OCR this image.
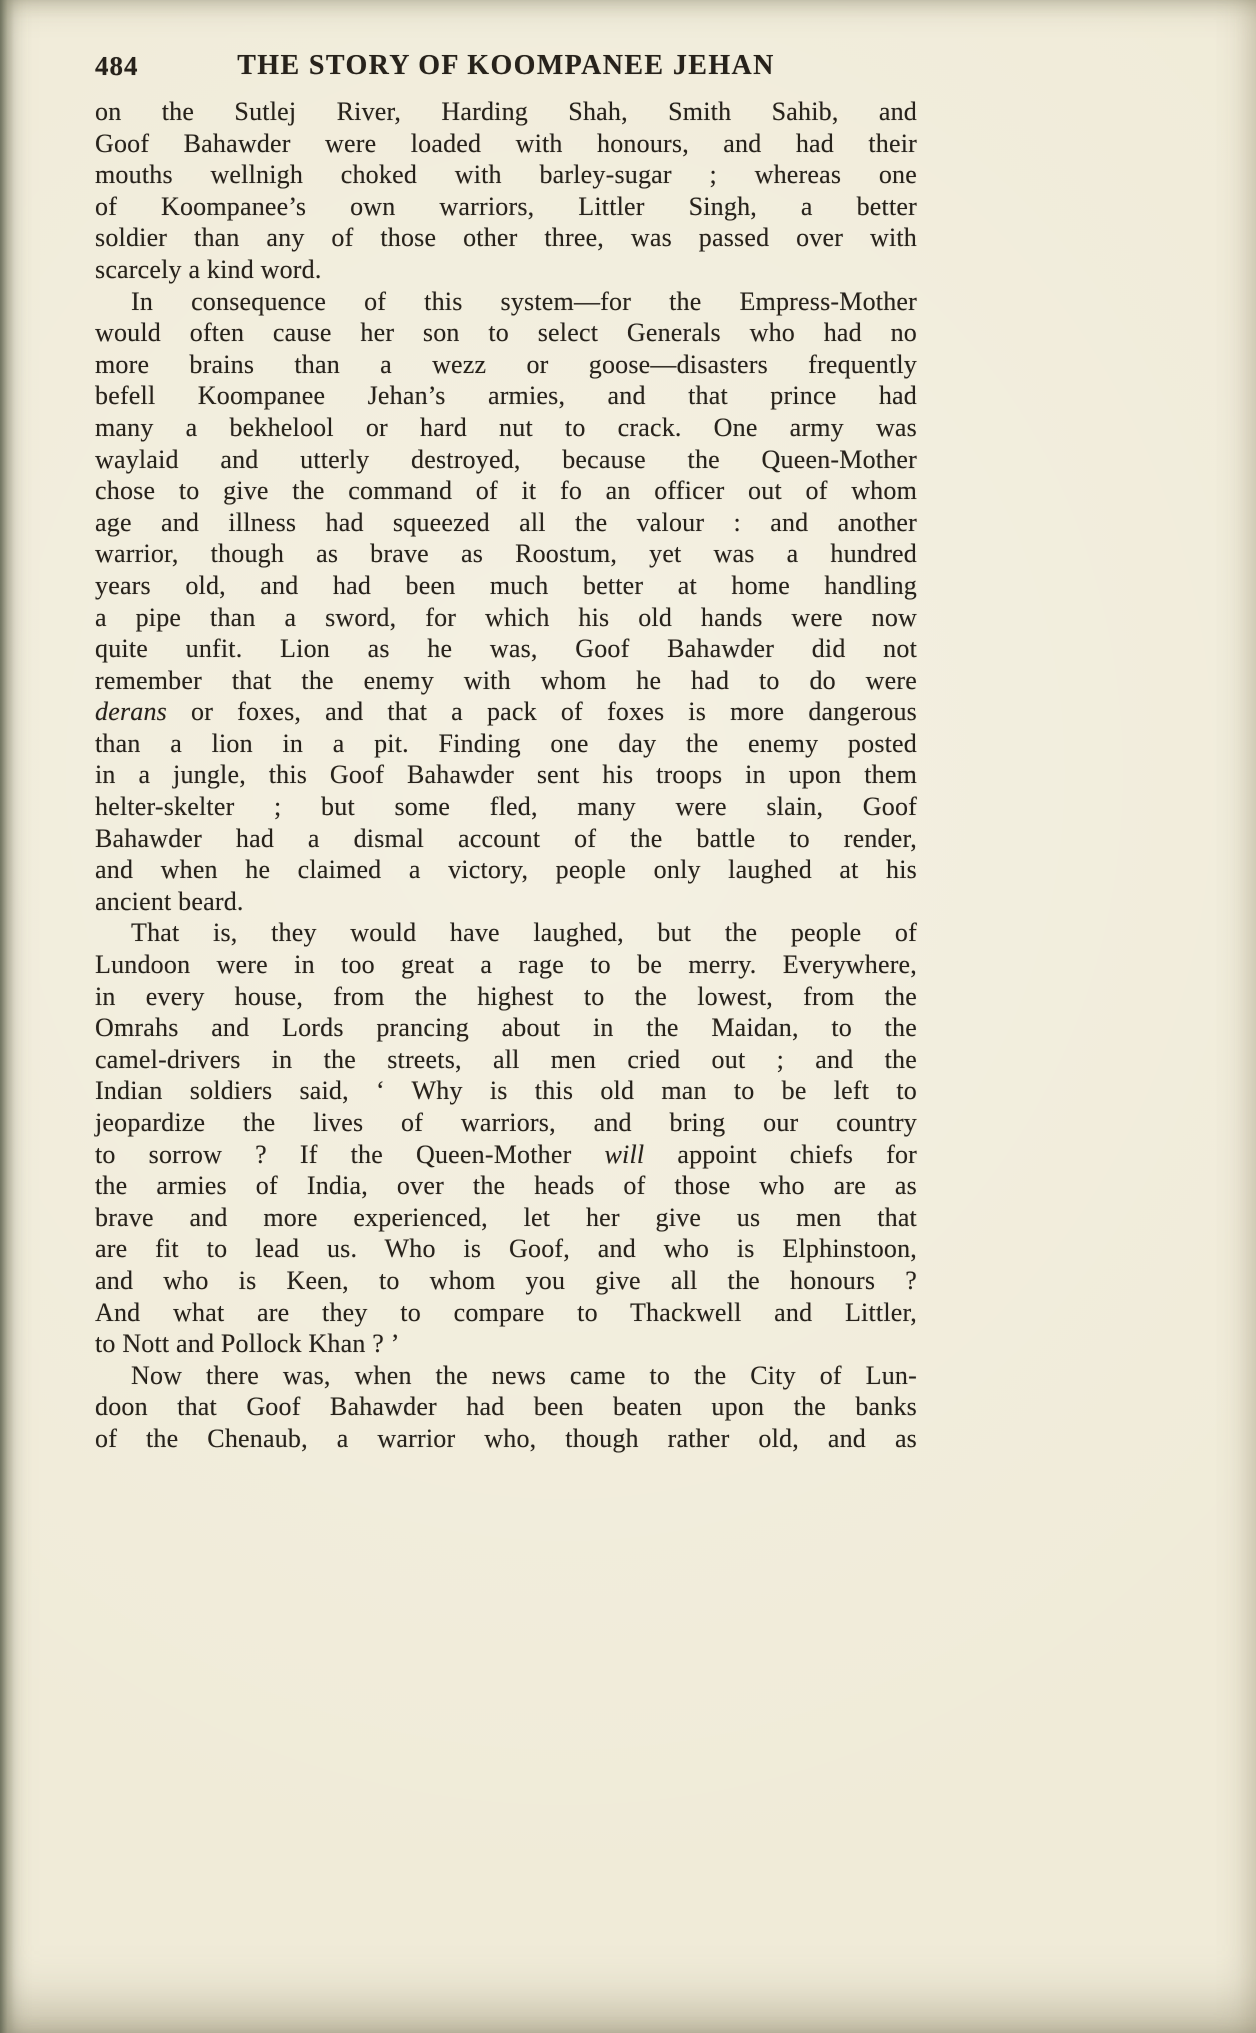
484	THE STORY OF KOOMPANEE JEHAN
on the Sutlej River, Harding Shah, Smith Sahib, and
Goof Bahawder were loaded with honours, and had their
mouths wellnigh choked with barley-sugar ; whereas one
of Koompanee’s own warriors, Littler Singh, a better
soldier than any of those other three, was passed over with
scarcely a kind word.
In consequence of this system—for the Empress-Mother
would often cause her son to select Generals who had no
more brains than a wezz or goose—disasters frequently
befell Koompanee Jehan’s armies, and that prince had
many a bekhelool or hard nut to crack. One army was
waylaid and utterly destroyed, because the Queen-Mother
chose to give the command of it fo an officer out of whom
age and illness had squeezed all the valour : and another
warrior, though as brave as Roostum, yet was a hundred
years old, and had been much better at home handling
a pipe than a sword, for which his old hands were now
quite unfit. Lion as he was, Goof Bahawder did not
remember that the enemy with whom he had to do were
derans or foxes, and that a pack of foxes is more dangerous
than a lion in a pit. Finding one day the enemy posted
in a jungle, this Goof Bahawder sent his troops in upon them
helter-skelter ; but some fled, many were slain, Goof
Bahawder had a dismal account of the battle to render,
and when he claimed a victory, people only laughed at his
ancient beard.
That is, they would have laughed, but the people of
Lundoon were in too great a rage to be merry. Everywhere,
in every house, from the highest to the lowest, from the
Omrahs and Lords prancing about in the Maidan, to the
camel-drivers in the streets, all men cried out ; and the
Indian soldiers said, ‘ Why is this old man to be left to
jeopardize the lives of warriors, and bring our country
to sorrow ? If the Queen-Mother will appoint chiefs for
the armies of India, over the heads of those who are as
brave and more experienced, let her give us men that
are fit to lead us. Who is Goof, and who is Elphinstoon,
and who is Keen, to whom you give all the honours ?
And what are they to compare to Thackwell and Littler,
to Nott and Pollock Khan ? ’
Now there was, when the news came to the City of Lun-
doon that Goof Bahawder had been beaten upon the banks
of the Chenaub, a warrior who, though rather old, and as
